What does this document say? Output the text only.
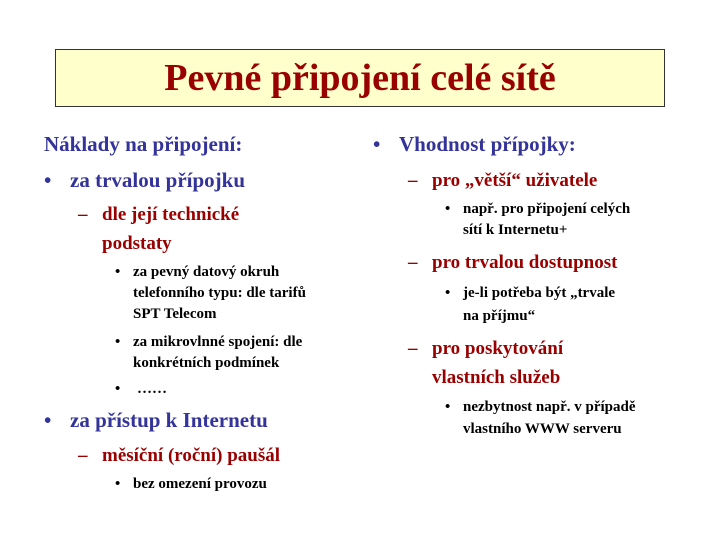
Pevné připojení celé sítě
Náklady na připojení:
• za trvalou přípojku
– dle její technické
podstaty
• za pevný datový okruh
telefonního typu: dle tarifů
SPT Telecom
• za mikrovlnné spojení: dle
konkrétních podmínek
• ……
• za přístup k Internetu
– měsíční (roční) paušál
• bez omezení provozu
• Vhodnost přípojky:
– pro „větší“ uživatele
• např. pro připojení celých
sítí k Internetu+
– pro trvalou dostupnost
• je-li potřeba být „trvale
na příjmu“
– pro poskytování
vlastních služeb
• nezbytnost např. v případě
vlastního WWW serveru
